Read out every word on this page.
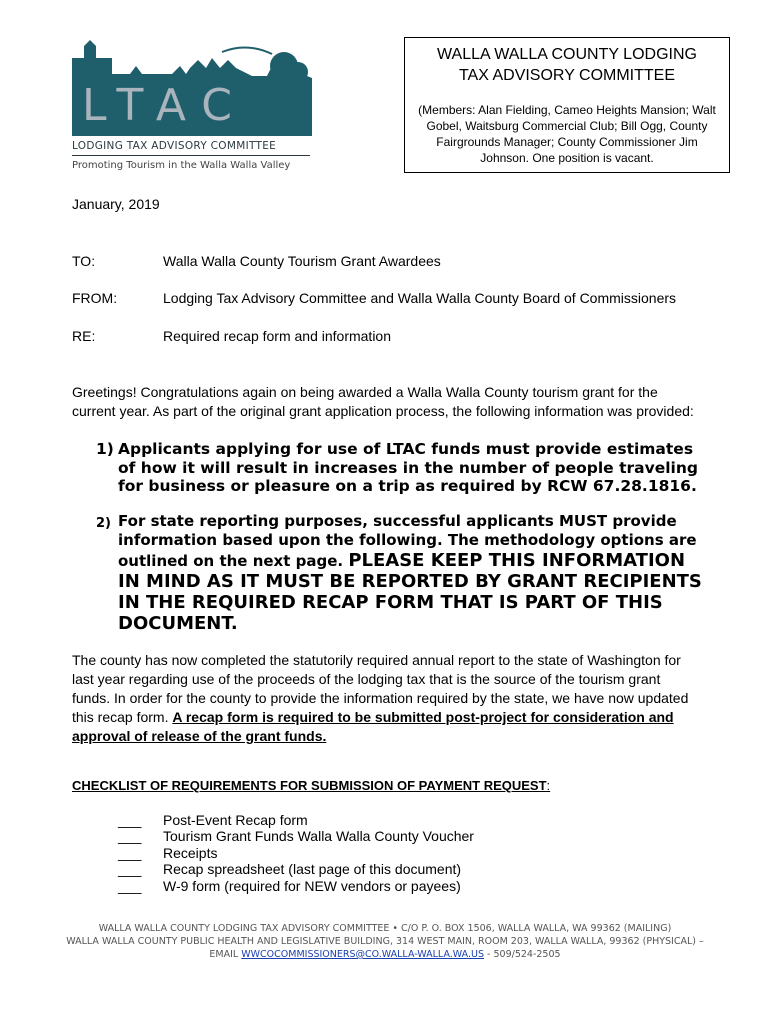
LTAC
LODGING TAX ADVISORY COMMITTEE
Promoting Tourism in the Walla Walla Valley
WALLA WALLA COUNTY LODGING TAX ADVISORY COMMITTEE
(Members: Alan Fielding, Cameo Heights Mansion; Walt Gobel, Waitsburg Commercial Club; Bill Ogg, County Fairgrounds Manager; County Commissioner Jim Johnson. One position is vacant.
January, 2019
TO:	Walla Walla County Tourism Grant Awardees
FROM:	Lodging Tax Advisory Committee and Walla Walla County Board of Commissioners
RE:	Required recap form and information
Greetings! Congratulations again on being awarded a Walla Walla County tourism grant for the current year. As part of the original grant application process, the following information was provided:
1) Applicants applying for use of LTAC funds must provide estimates of how it will result in increases in the number of people traveling for business or pleasure on a trip as required by RCW 67.28.1816.
2) For state reporting purposes, successful applicants MUST provide information based upon the following. The methodology options are outlined on the next page. PLEASE KEEP THIS INFORMATION IN MIND AS IT MUST BE REPORTED BY GRANT RECIPIENTS IN THE REQUIRED RECAP FORM THAT IS PART OF THIS DOCUMENT.
The county has now completed the statutorily required annual report to the state of Washington for last year regarding use of the proceeds of the lodging tax that is the source of the tourism grant funds. In order for the county to provide the information required by the state, we have now updated this recap form. A recap form is required to be submitted post-project for consideration and approval of release of the grant funds.
CHECKLIST OF REQUIREMENTS FOR SUBMISSION OF PAYMENT REQUEST:
___ Post-Event Recap form
___ Tourism Grant Funds Walla Walla County Voucher
___ Receipts
___ Recap spreadsheet (last page of this document)
___ W-9 form (required for NEW vendors or payees)
WALLA WALLA COUNTY LODGING TAX ADVISORY COMMITTEE • C/O P. O. BOX 1506, WALLA WALLA, WA 99362 (MAILING)
WALLA WALLA COUNTY PUBLIC HEALTH AND LEGISLATIVE BUILDING, 314 WEST MAIN, ROOM 203, WALLA WALLA, 99362 (PHYSICAL) –
EMAIL WWCOCOMMISSIONERS@CO.WALLA-WALLA.WA.US - 509/524-2505
